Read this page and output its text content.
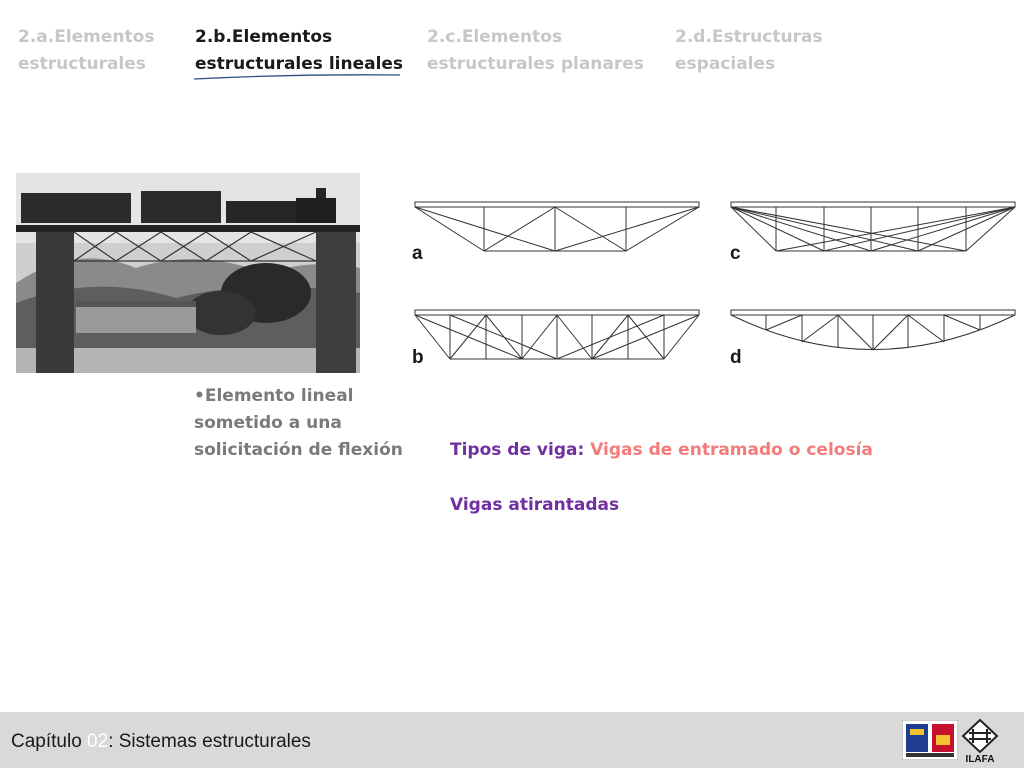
2.a.Elementos
estructurales
2.b.Elementos
estructurales lineales
2.c.Elementos
estructurales planares
2.d.Estructuras
espaciales
•Elemento lineal sometido a una solicitación de flexión
a	c
b	d
Tipos de viga: Vigas de entramado o celosía
Vigas atirantadas
Capítulo 02: Sistemas estructurales
ILAFA
